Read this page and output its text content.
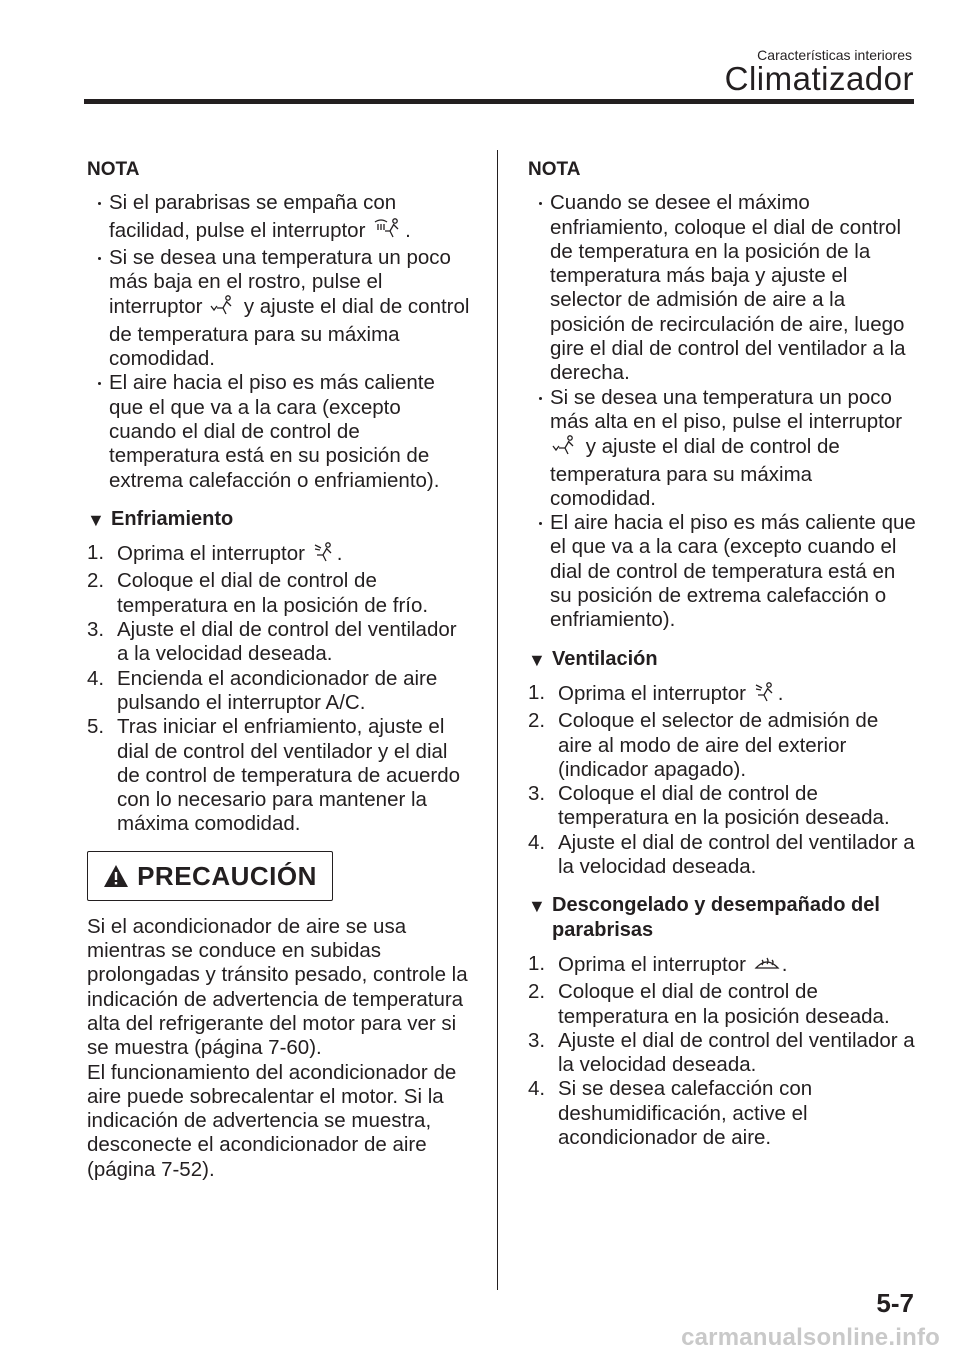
Características interiores
Climatizador
NOTA
Si el parabrisas se empaña con facilidad, pulse el interruptor .
Si se desea una temperatura un poco más baja en el rostro, pulse el interruptor  y ajuste el dial de control de temperatura para su máxima comodidad.
El aire hacia el piso es más caliente que el que va a la cara (excepto cuando el dial de control de temperatura está en su posición de extrema calefacción o enfriamiento).
▼ Enfriamiento
1. Oprima el interruptor .
2. Coloque el dial de control de temperatura en la posición de frío.
3. Ajuste el dial de control del ventilador a la velocidad deseada.
4. Encienda el acondicionador de aire pulsando el interruptor A/C.
5. Tras iniciar el enfriamiento, ajuste el dial de control del ventilador y el dial de control de temperatura de acuerdo con lo necesario para mantener la máxima comodidad.
PRECAUCIÓN

Si el acondicionador de aire se usa mientras se conduce en subidas prolongadas y tránsito pesado, controle la indicación de advertencia de temperatura alta del refrigerante del motor para ver si se muestra (página 7-60).

El funcionamiento del acondicionador de aire puede sobrecalentar el motor. Si la indicación de advertencia se muestra, desconecte el acondicionador de aire (página 7-52).

NOTA
Cuando se desee el máximo enfriamiento, coloque el dial de control de temperatura en la posición de la temperatura más baja y ajuste el selector de admisión de aire a la posición de recirculación de aire, luego gire el dial de control del ventilador a la derecha.
Si se desea una temperatura un poco más alta en el piso, pulse el interruptor  y ajuste el dial de control de temperatura para su máxima comodidad.
El aire hacia el piso es más caliente que el que va a la cara (excepto cuando el dial de control de temperatura está en su posición de extrema calefacción o enfriamiento).
▼ Ventilación
1. Oprima el interruptor .
2. Coloque el selector de admisión de aire al modo de aire del exterior (indicador apagado).
3. Coloque el dial de control de temperatura en la posición deseada.
4. Ajuste el dial de control del ventilador a la velocidad deseada.
▼ Descongelado y desempañado del parabrisas
1. Oprima el interruptor .
2. Coloque el dial de control de temperatura en la posición deseada.
3. Ajuste el dial de control del ventilador a la velocidad deseada.
4. Si se desea calefacción con deshumidificación, active el acondicionador de aire.
5-7
carmanualsonline.info
